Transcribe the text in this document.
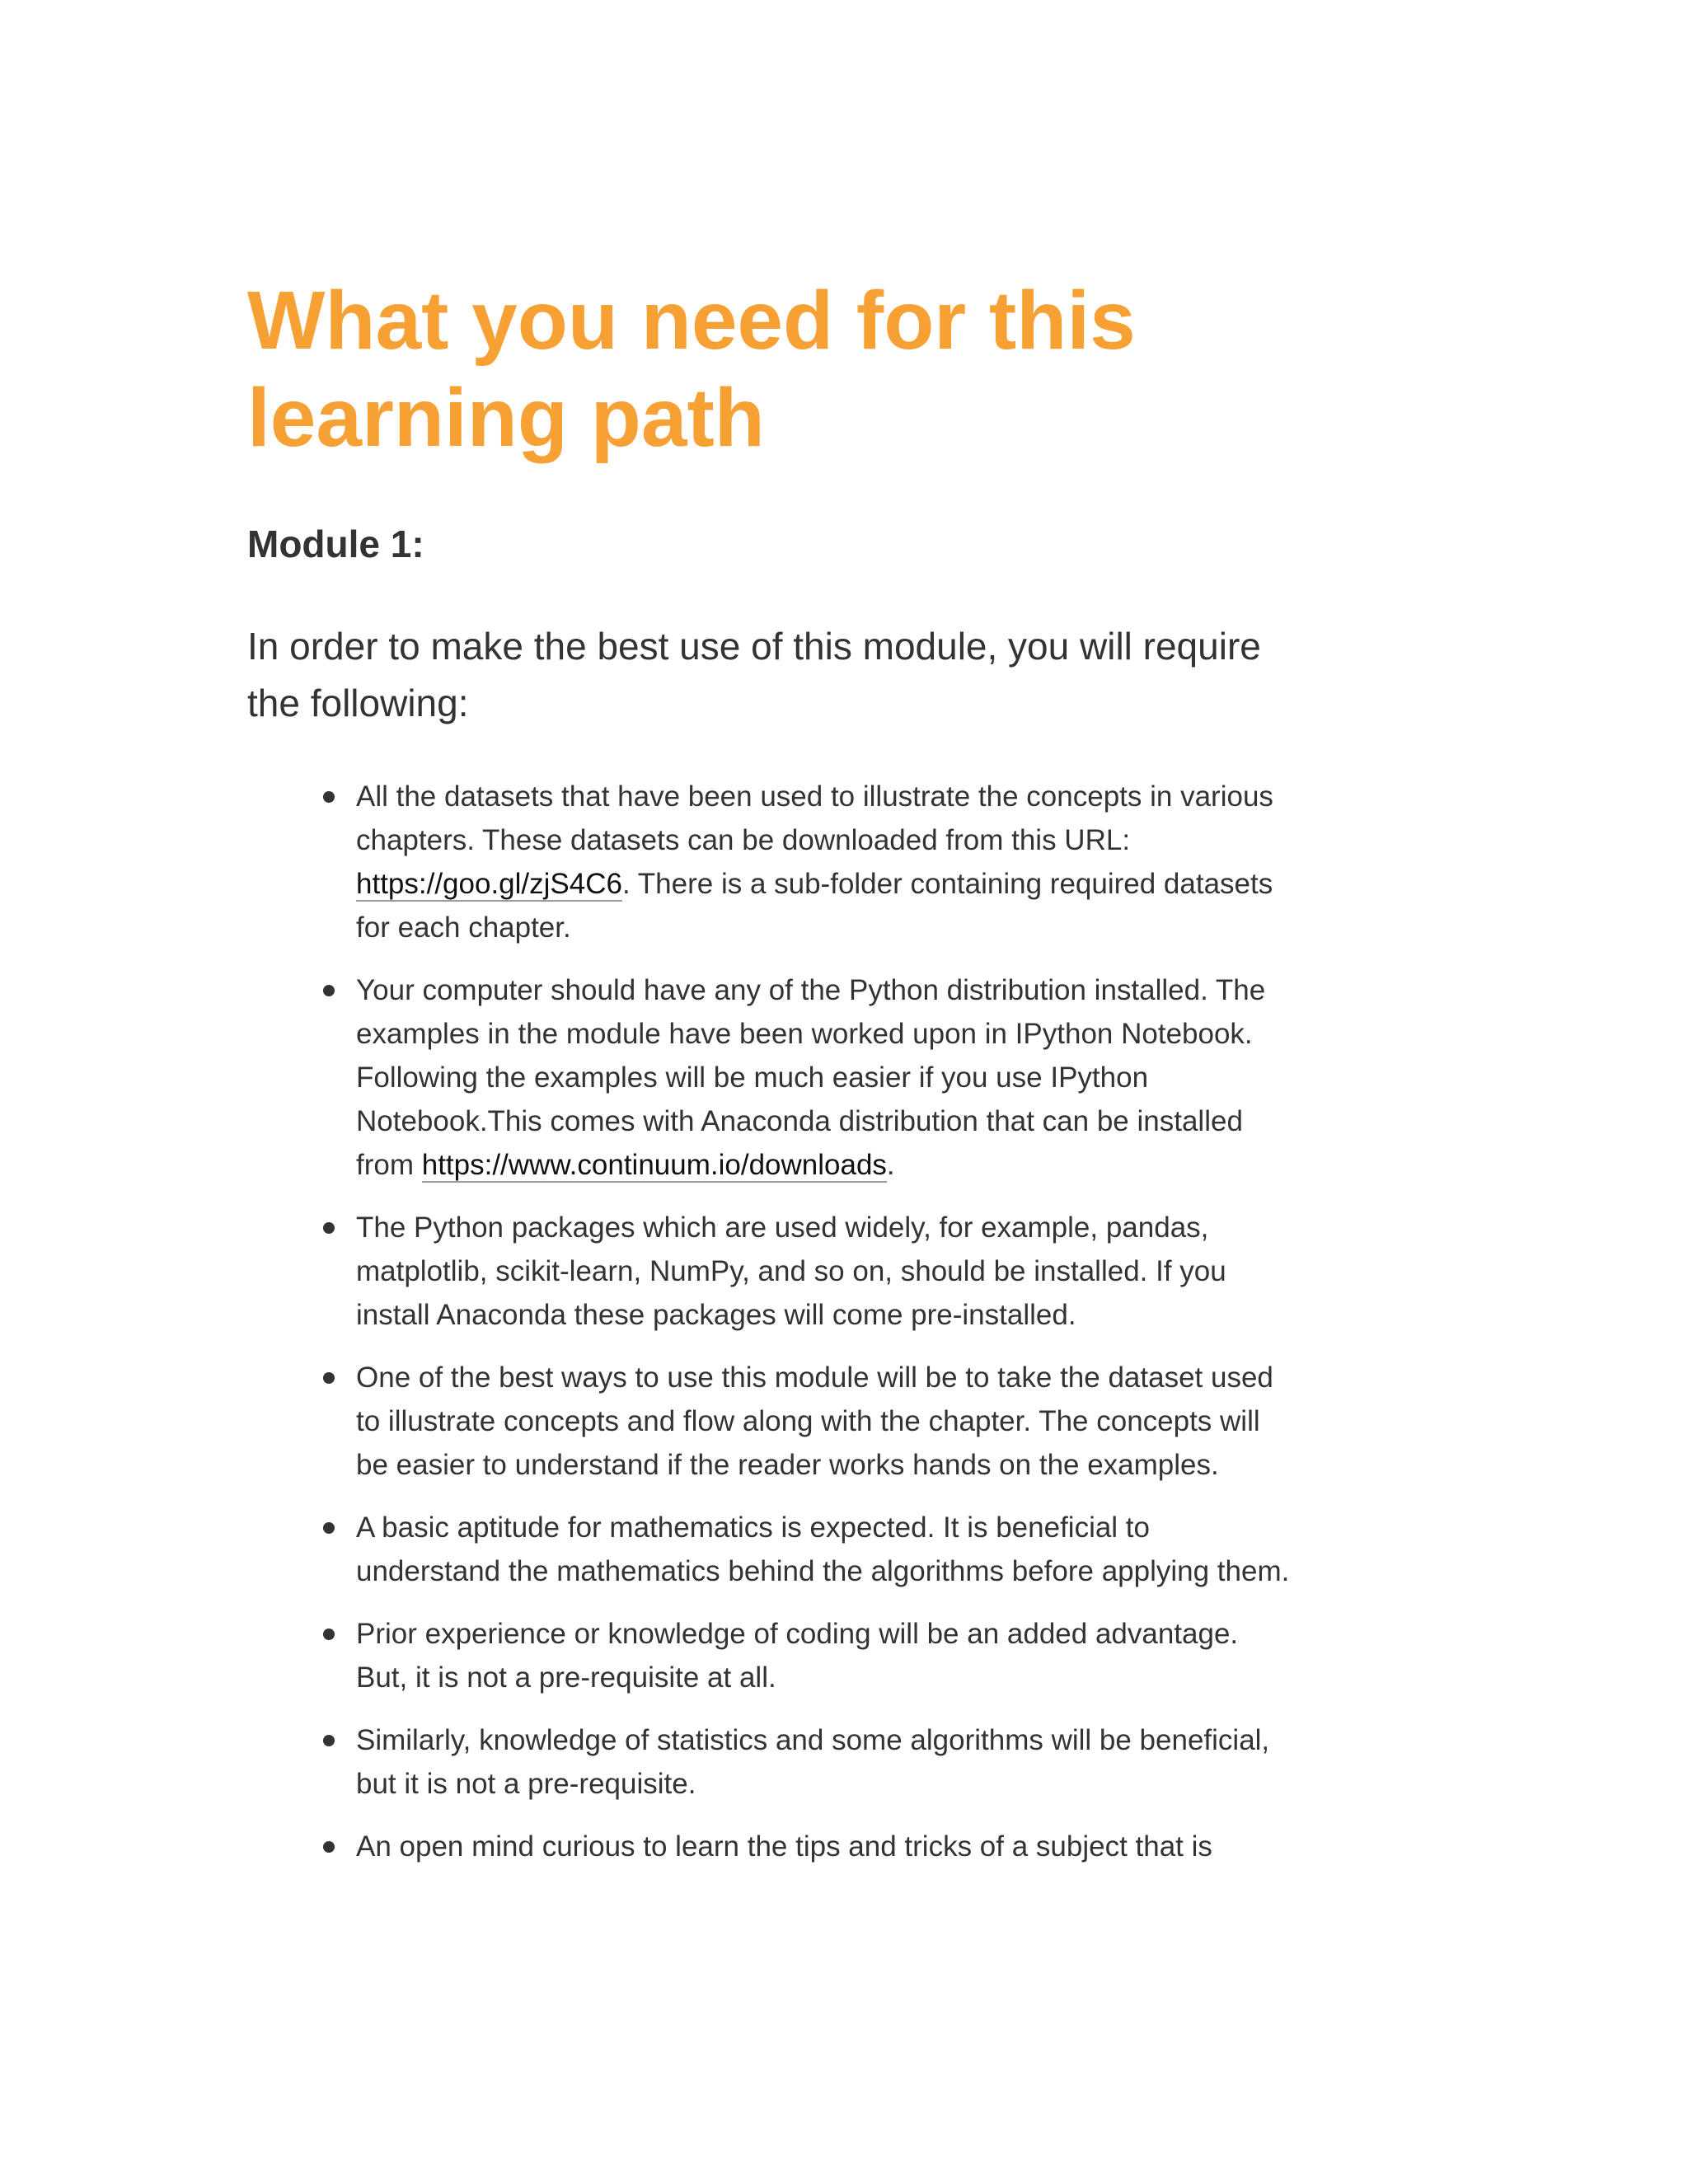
What you need for this learning path
Module 1:

In order to make the best use of this module, you will require the following:

All the datasets that have been used to illustrate the concepts in various chapters. These datasets can be downloaded from this URL: https://goo.gl/zjS4C6. There is a sub-folder containing required datasets for each chapter.
Your computer should have any of the Python distribution installed. The examples in the module have been worked upon in IPython Notebook. Following the examples will be much easier if you use IPython Notebook.This comes with Anaconda distribution that can be installed from https://www.continuum.io/downloads.
The Python packages which are used widely, for example, pandas, matplotlib, scikit-learn, NumPy, and so on, should be installed. If you install Anaconda these packages will come pre-installed.
One of the best ways to use this module will be to take the dataset used to illustrate concepts and flow along with the chapter. The concepts will be easier to understand if the reader works hands on the examples.
A basic aptitude for mathematics is expected. It is beneficial to understand the mathematics behind the algorithms before applying them.
Prior experience or knowledge of coding will be an added advantage. But, it is not a pre-requisite at all.
Similarly, knowledge of statistics and some algorithms will be beneficial, but it is not a pre-requisite.
An open mind curious to learn the tips and tricks of a subject that is
